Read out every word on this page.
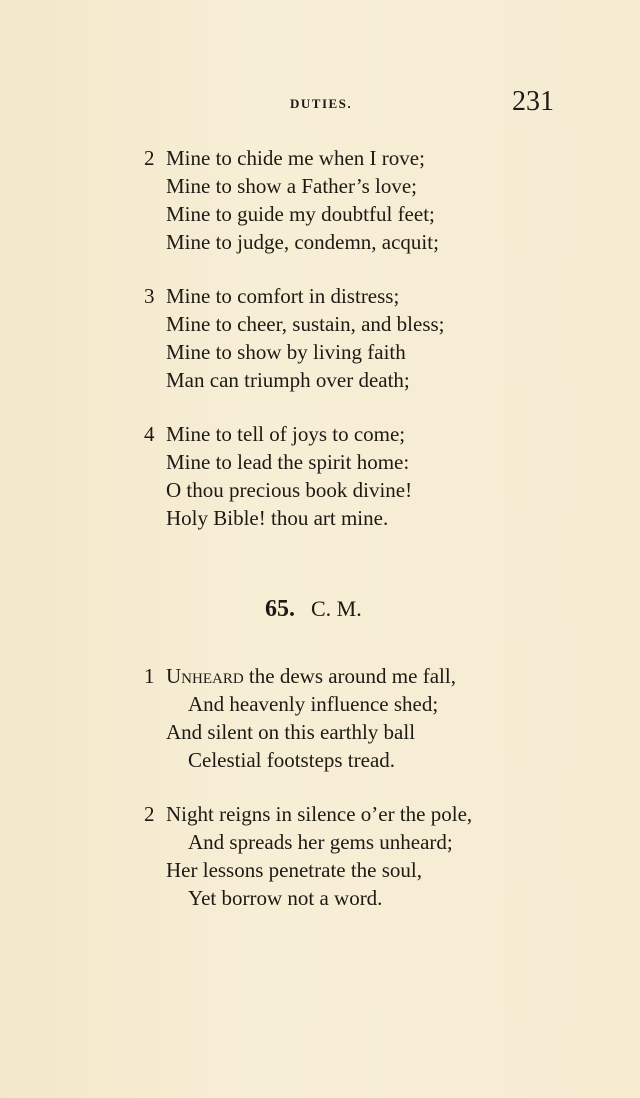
DUTIES.	231
2 Mine to chide me when I rove;
Mine to show a Father’s love;
Mine to guide my doubtful feet;
Mine to judge, condemn, acquit;
3 Mine to comfort in distress;
Mine to cheer, sustain, and bless;
Mine to show by living faith
Man can triumph over death;
4 Mine to tell of joys to come;
Mine to lead the spirit home:
O thou precious book divine!
Holy Bible! thou art mine.
65. C. M.
1 Unheard the dews around me fall,
And heavenly influence shed;
And silent on this earthly ball
Celestial footsteps tread.
2 Night reigns in silence o’er the pole,
And spreads her gems unheard;
Her lessons penetrate the soul,
Yet borrow not a word.
